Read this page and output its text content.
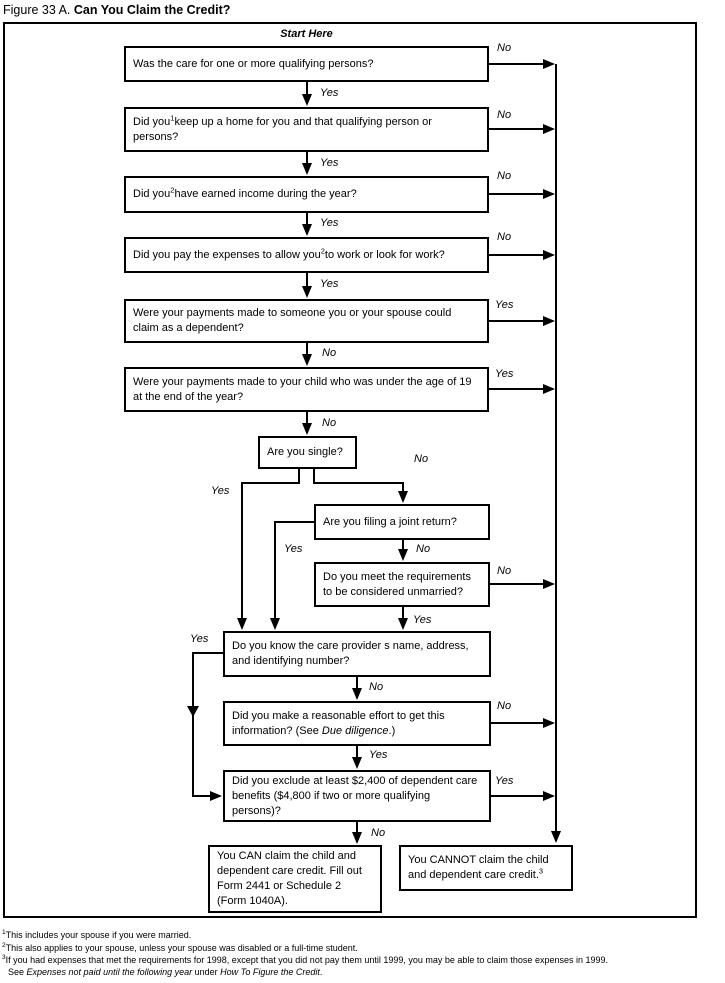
Figure 33 A. Can You Claim the Credit?
Start Here
Was the care for one or more qualifying persons?
Did you$^1$keep up a home for you and that qualifying person or persons?
Did you$^2$have earned income during the year?
Did you pay the expenses to allow you$^2$to work or look for work?
Were your payments made to someone you or your spouse could claim as a dependent?
Were your payments made to your child who was under the age of 19 at the end of the year?
Are you single?
Are you filing a joint return?
Do you meet the requirements to be considered unmarried?
Do you know the care provider s name, address, and identifying number?
Did you make a reasonable effort to get this information? (See Due diligence.)
Did you exclude at least $2,400 of dependent care benefits ($4,800 if two or more qualifying persons)?
You CAN claim the child and dependent care credit. Fill out Form 2441 or Schedule 2 (Form 1040A).
You CANNOT claim the child and dependent care credit.$^3$
No
Yes
No
Yes
No
Yes
No
Yes
Yes
No
Yes
No
Yes
No
Yes	No
No
Yes
Yes
No
No
Yes
Yes
No
$^1$This includes your spouse if you were married.
$^2$This also applies to your spouse, unless your spouse was disabled or a full-time student.
$^3$If you had expenses that met the requirements for 1998, except that you did not pay them until 1999, you may be able to claim those expenses in 1999.
See Expenses not paid until the following year under How To Figure the Credit.
